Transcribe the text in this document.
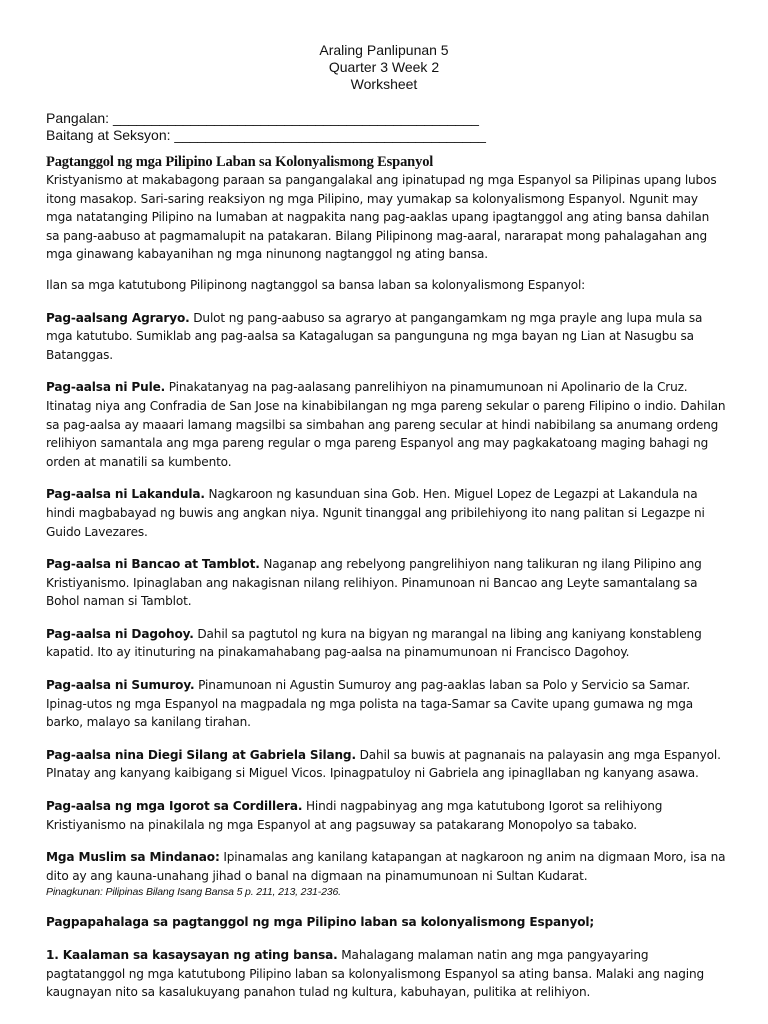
Araling Panlipunan 5
Quarter 3 Week 2
Worksheet
Pangalan: _______________________________________________
Baitang at Seksyon: ________________________________________
Pagtanggol ng mga Pilipino Laban sa Kolonyalismong Espanyol

Kristyanismo at makabagong paraan sa pangangalakal ang ipinatupad ng mga Espanyol sa Pilipinas upang lubos itong masakop. Sari-saring reaksiyon ng mga Pilipino, may yumakap sa kolonyalismong Espanyol. Ngunit may mga natatanging Pilipino na lumaban at nagpakita nang pag-aaklas upang ipagtanggol ang ating bansa dahilan sa pang-aabuso at pagmamalupit na patakaran. Bilang Pilipinong mag-aaral, nararapat mong pahalagahan ang mga ginawang kabayanihan ng mga ninunong nagtanggol ng ating bansa.

Ilan sa mga katutubong Pilipinong nagtanggol sa bansa laban sa kolonyalismong Espanyol:

Pag-aalsang Agraryo. Dulot ng pang-aabuso sa agraryo at pangangamkam ng mga prayle ang lupa mula sa mga katutubo. Sumiklab ang pag-aalsa sa Katagalugan sa pangunguna ng mga bayan ng Lian at Nasugbu sa Batanggas.

Pag-aalsa ni Pule. Pinakatanyag na pag-aalasang panrelihiyon na pinamumunoan ni Apolinario de la Cruz. Itinatag niya ang Confradia de San Jose na kinabibilangan ng mga pareng sekular o pareng Filipino o indio. Dahilan sa pag-aalsa ay maaari lamang magsilbi sa simbahan ang pareng secular at hindi nabibilang sa anumang ordeng relihiyon samantala ang mga pareng regular o mga pareng Espanyol ang may pagkakatoang maging bahagi ng orden at manatili sa kumbento.

Pag-aalsa ni Lakandula. Nagkaroon ng kasunduan sina Gob. Hen. Miguel Lopez de Legazpi at Lakandula na hindi magbabayad ng buwis ang angkan niya. Ngunit tinanggal ang pribilehiyong ito nang palitan si Legazpe ni Guido Lavezares.

Pag-aalsa ni Bancao at Tamblot. Naganap ang rebelyong pangrelihiyon nang talikuran ng ilang Pilipino ang Kristiyanismo. Ipinaglaban ang nakagisnan nilang relihiyon. Pinamunoan ni Bancao ang Leyte samantalang sa Bohol naman si Tamblot.

Pag-aalsa ni Dagohoy. Dahil sa pagtutol ng kura na bigyan ng marangal na libing ang kaniyang konstableng kapatid. Ito ay itinuturing na pinakamahabang pag-aalsa na pinamumunoan ni Francisco Dagohoy.

Pag-aalsa ni Sumuroy. Pinamunoan ni Agustin Sumuroy ang pag-aaklas laban sa Polo y Servicio sa Samar. Ipinag-utos ng mga Espanyol na magpadala ng mga polista na taga-Samar sa Cavite upang gumawa ng mga barko, malayo sa kanilang tirahan.

Pag-aalsa nina Diegi Silang at Gabriela Silang. Dahil sa buwis at pagnanais na palayasin ang mga Espanyol. PInatay ang kanyang kaibigang si Miguel Vicos. Ipinagpatuloy ni Gabriela ang ipinagllaban ng kanyang asawa.

Pag-aalsa ng mga Igorot sa Cordillera. Hindi nagpabinyag ang mga katutubong Igorot sa relihiyong Kristiyanismo na pinakilala ng mga Espanyol at ang pagsuway sa patakarang Monopolyo sa tabako.

Mga Muslim sa Mindanao: Ipinamalas ang kanilang katapangan at nagkaroon ng anim na digmaan Moro, isa na dito ay ang kauna-unahang jihad o banal na digmaan na pinamumunoan ni Sultan Kudarat.

Pinagkunan: Pilipinas Bilang Isang Bansa 5 p. 211, 213, 231-236.

Pagpapahalaga sa pagtanggol ng mga Pilipino laban sa kolonyalismong Espanyol;

1. Kaalaman sa kasaysayan ng ating bansa. Mahalagang malaman natin ang mga pangyayaring pagtatanggol ng mga katutubong Pilipino laban sa kolonyalismong Espanyol sa ating bansa. Malaki ang naging kaugnayan nito sa kasalukuyang panahon tulad ng kultura, kabuhayan, pulitika at relihiyon.
